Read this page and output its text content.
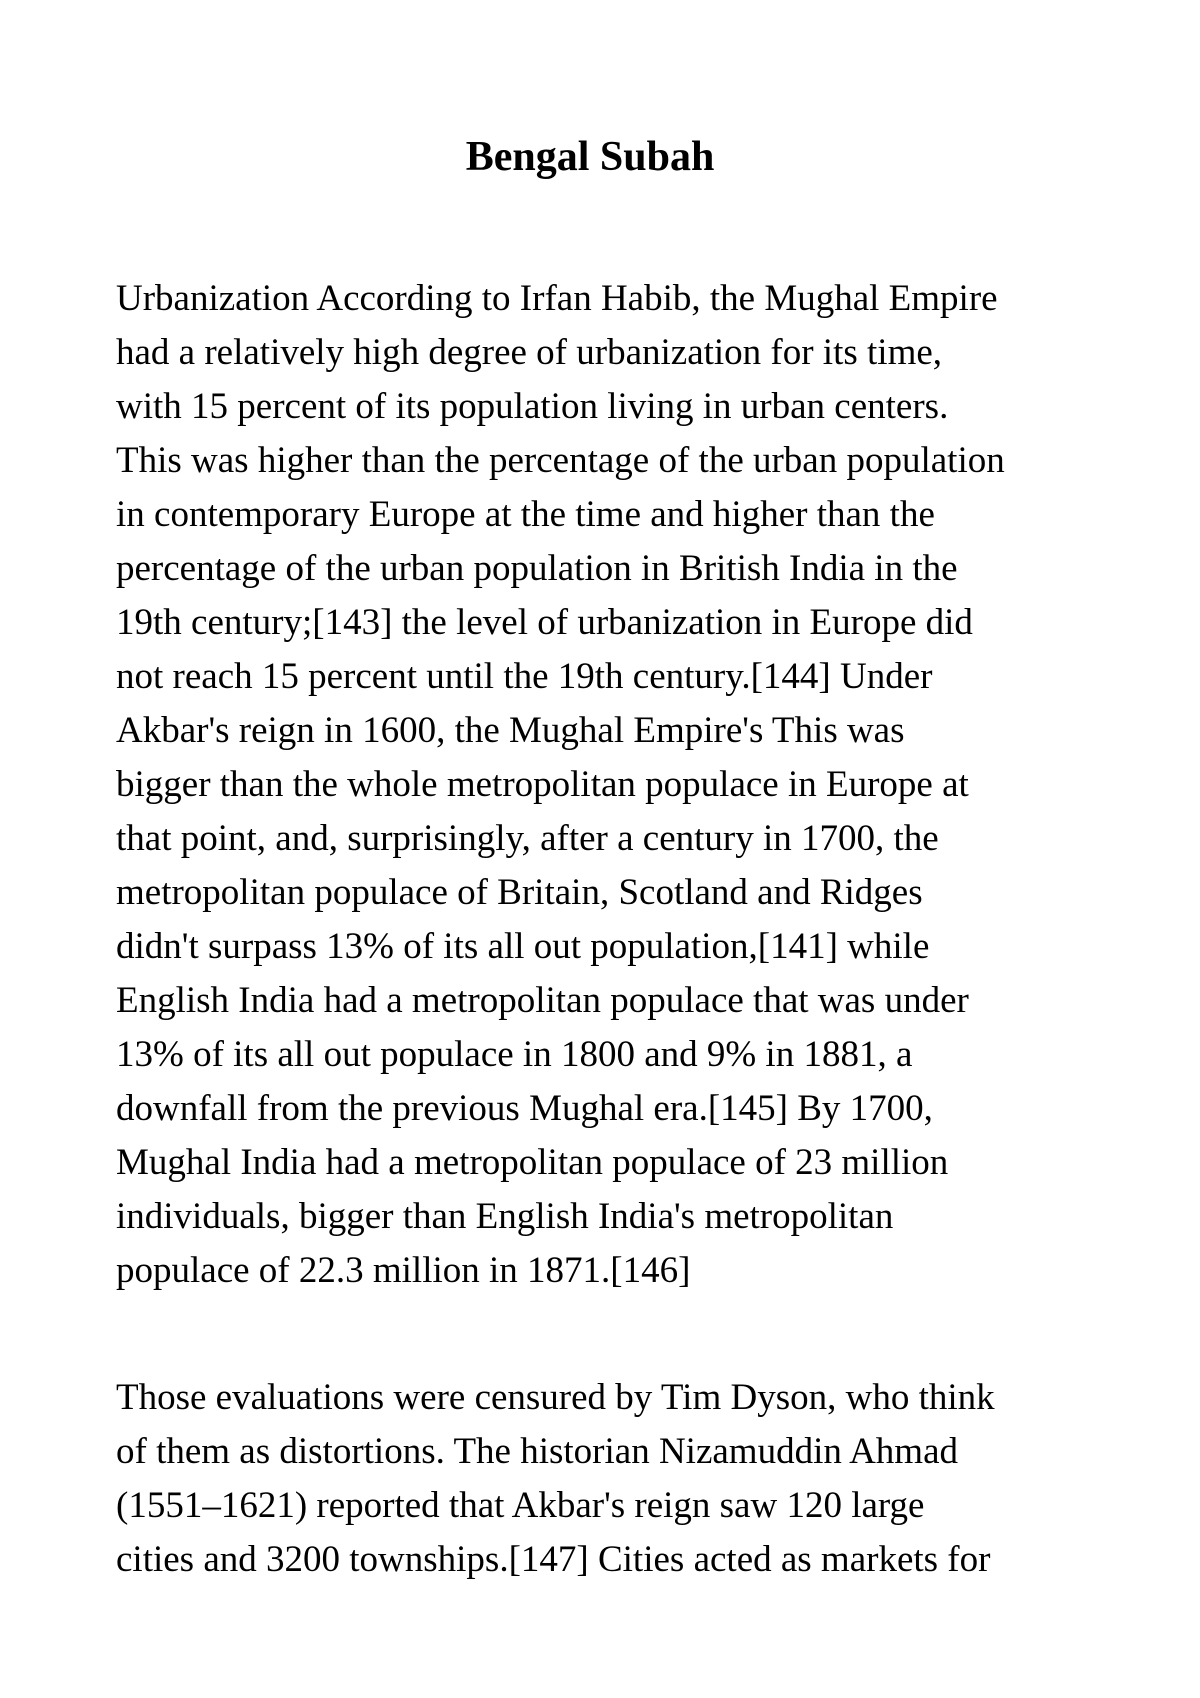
Bengal Subah

Urbanization According to Irfan Habib, the Mughal Empire
had a relatively high degree of urbanization for its time,
with 15 percent of its population living in urban centers.
This was higher than the percentage of the urban population
in contemporary Europe at the time and higher than the
percentage of the urban population in British India in the
19th century;[143] the level of urbanization in Europe did
not reach 15 percent until the 19th century.[144] Under
Akbar's reign in 1600, the Mughal Empire's This was
bigger than the whole metropolitan populace in Europe at
that point, and, surprisingly, after a century in 1700, the
metropolitan populace of Britain, Scotland and Ridges
didn't surpass 13% of its all out population,[141] while
English India had a metropolitan populace that was under
13% of its all out populace in 1800 and 9% in 1881, a
downfall from the previous Mughal era.[145] By 1700,
Mughal India had a metropolitan populace of 23 million
individuals, bigger than English India's metropolitan
populace of 22.3 million in 1871.[146]

Those evaluations were censured by Tim Dyson, who think
of them as distortions. The historian Nizamuddin Ahmad
(1551–1621) reported that Akbar's reign saw 120 large
cities and 3200 townships.[147] Cities acted as markets for
